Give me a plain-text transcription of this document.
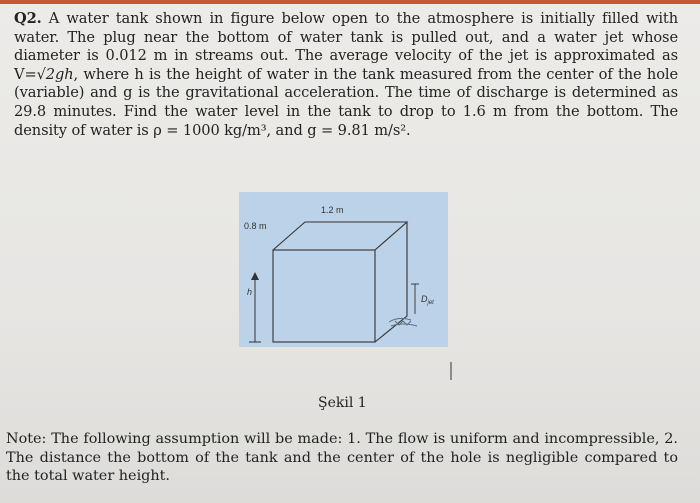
Q2. A water tank shown in figure below open to the atmosphere is initially filled with water. The plug near the bottom of water tank is pulled out, and a water jet whose diameter is 0.012 m in streams out. The average velocity of the jet is approximated as V=√2gh, where h is the height of water in the tank measured from the center of the hole (variable) and g is the gravitational acceleration. The time of discharge is determined as 29.8 minutes. Find the water level in the tank to drop to 1.6 m from the bottom. The density of water is ρ = 1000 kg/m³, and g = 9.81 m/s².
1.2 m
0.8 m
h
$D_{jet}$
Şekil 1
Note: The following assumption will be made: 1. The flow is uniform and incompressible, 2. The distance the bottom of the tank and the center of the hole is negligible compared to the total water height.
